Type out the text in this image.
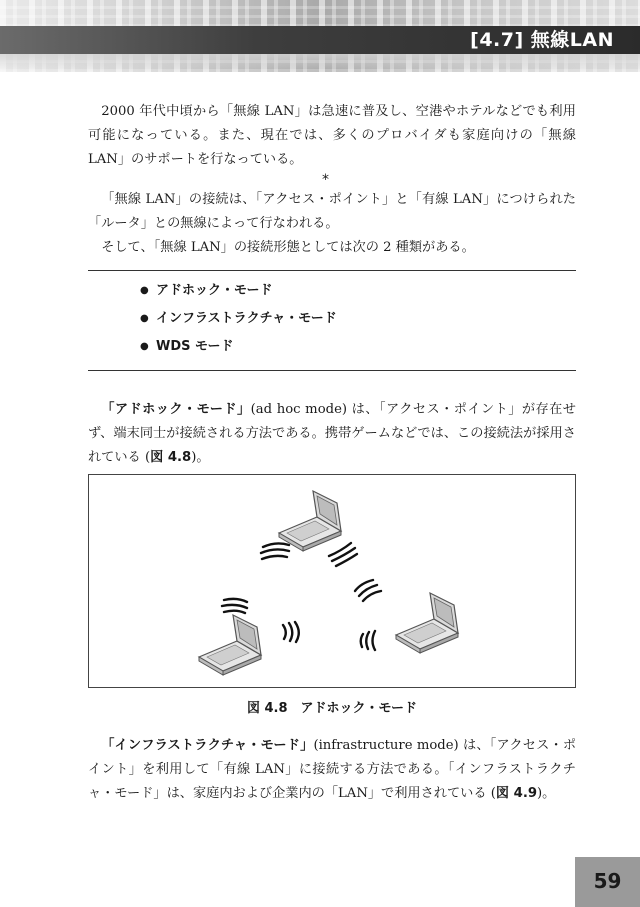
[4.7] 無線LAN

2000 年代中頃から「無線 LAN」は急速に普及し、空港やホテルなどでも利用可能になっている。また、現在では、多くのプロバイダも家庭向けの「無線 LAN」のサポートを行なっている。

*

「無線 LAN」の接続は、「アクセス・ポイント」と「有線 LAN」につけられた「ルータ」との無線によって行なわれる。

そして、「無線 LAN」の接続形態としては次の 2 種類がある。

● アドホック・モード
● インフラストラクチャ・モード
● WDS モード

「アドホック・モード」(ad hoc mode) は、「アクセス・ポイント」が存在せず、端末同士が接続される方法である。携帯ゲームなどでは、この接続法が採用されている (図 4.8)。

図 4.8　アドホック・モード

「インフラストラクチャ・モード」(infrastructure mode) は、「アクセス・ポイント」を利用して「有線 LAN」に接続する方法である。「インフラストラクチャ・モード」は、家庭内および企業内の「LAN」で利用されている (図 4.9)。

59
